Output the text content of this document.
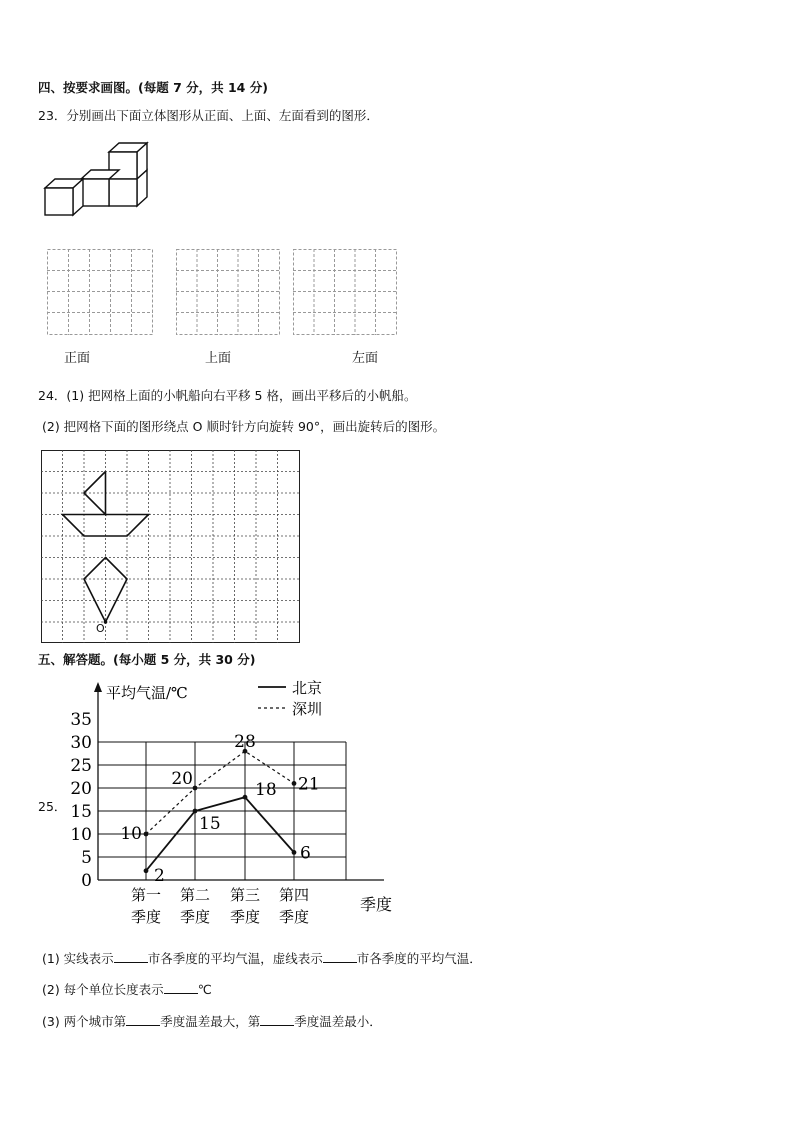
四、按要求画图。(每题 7 分，共 14 分)
23．分别画出下面立体图形从正面、上面、左面看到的图形．
正面	上面	左面
24．(1) 把网格上面的小帆船向右平移 5 格，画出平移后的小帆船。
(2) 把网格下面的图形绕点 O 顺时针方向旋转 90°，画出旋转后的图形。
O
五、解答题。(每小题 5 分，共 30 分)
25．
0
5
10
15
20
25
30
35
平均气温/℃
第一
季度
第二
季度
第三
季度
第四
季度
季度
2
15
18
6
10
20
28
21
北京
深圳
(1) 实线表示	市各季度的平均气温，虚线表示	市各季度的平均气温．
(2) 每个单位长度表示	℃
(3) 两个城市第	季度温差最大，第	季度温差最小．
